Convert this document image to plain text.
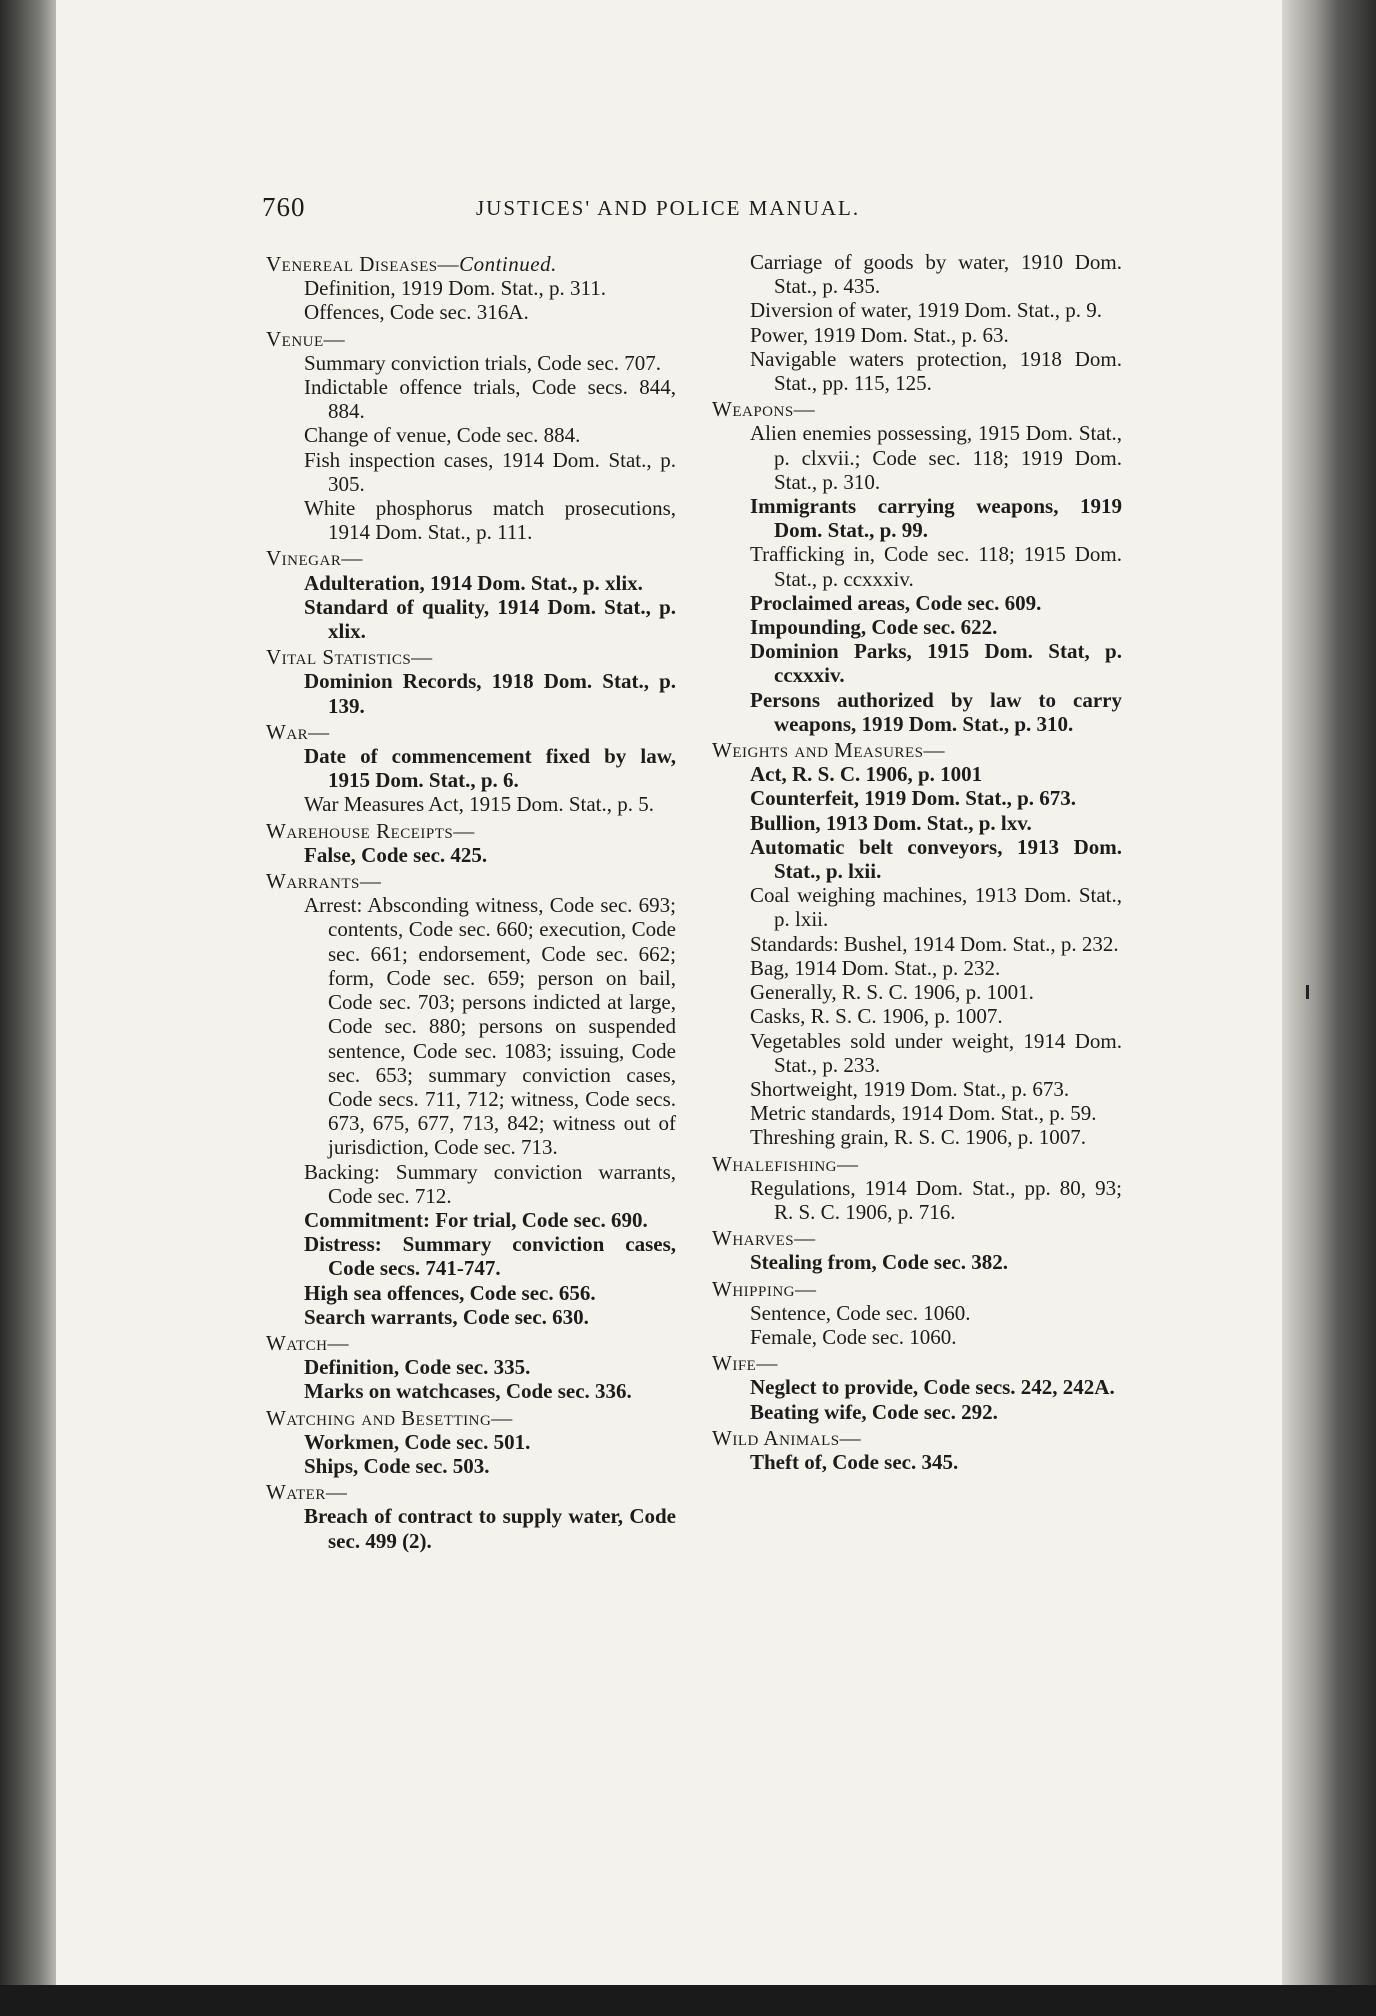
760	JUSTICES' AND POLICE MANUAL.
Venereal Diseases—Continued.
Definition, 1919 Dom. Stat., p. 311.
Offences, Code sec. 316A.
Venue—
Summary conviction trials, Code sec. 707.
Indictable offence trials, Code secs. 844, 884.
Change of venue, Code sec. 884.
Fish inspection cases, 1914 Dom. Stat., p. 305.
White phosphorus match prosecutions, 1914 Dom. Stat., p. 111.
Vinegar—
Adulteration, 1914 Dom. Stat., p. xlix.
Standard of quality, 1914 Dom. Stat., p. xlix.
Vital Statistics—
Dominion Records, 1918 Dom. Stat., p. 139.
War—
Date of commencement fixed by law, 1915 Dom. Stat., p. 6.
War Measures Act, 1915 Dom. Stat., p. 5.
Warehouse Receipts—
False, Code sec. 425.
Warrants—
Arrest: Absconding witness, Code sec. 693; contents, Code sec. 660; execution, Code sec. 661; endorsement, Code sec. 662; form, Code sec. 659; person on bail, Code sec. 703; persons indicted at large, Code sec. 880; persons on suspended sentence, Code sec. 1083; issuing, Code sec. 653; summary conviction cases, Code secs. 711, 712; witness, Code secs. 673, 675, 677, 713, 842; witness out of jurisdiction, Code sec. 713.
Backing: Summary conviction warrants, Code sec. 712.
Commitment: For trial, Code sec. 690.
Distress: Summary conviction cases, Code secs. 741-747.
High sea offences, Code sec. 656.
Search warrants, Code sec. 630.
Watch—
Definition, Code sec. 335.
Marks on watchcases, Code sec. 336.
Watching and Besetting—
Workmen, Code sec. 501.
Ships, Code sec. 503.
Water—
Breach of contract to supply water, Code sec. 499 (2).
Carriage of goods by water, 1910 Dom. Stat., p. 435.
Diversion of water, 1919 Dom. Stat., p. 9.
Power, 1919 Dom. Stat., p. 63.
Navigable waters protection, 1918 Dom. Stat., pp. 115, 125.
Weapons—
Alien enemies possessing, 1915 Dom. Stat., p. clxvii.; Code sec. 118; 1919 Dom. Stat., p. 310.
Immigrants carrying weapons, 1919 Dom. Stat., p. 99.
Trafficking in, Code sec. 118; 1915 Dom. Stat., p. ccxxxiv.
Proclaimed areas, Code sec. 609.
Impounding, Code sec. 622.
Dominion Parks, 1915 Dom. Stat, p. ccxxxiv.
Persons authorized by law to carry weapons, 1919 Dom. Stat., p. 310.
Weights and Measures—
Act, R. S. C. 1906, p. 1001
Counterfeit, 1919 Dom. Stat., p. 673.
Bullion, 1913 Dom. Stat., p. lxv.
Automatic belt conveyors, 1913 Dom. Stat., p. lxii.
Coal weighing machines, 1913 Dom. Stat., p. lxii.
Standards: Bushel, 1914 Dom. Stat., p. 232.
Bag, 1914 Dom. Stat., p. 232.
Generally, R. S. C. 1906, p. 1001.
Casks, R. S. C. 1906, p. 1007.
Vegetables sold under weight, 1914 Dom. Stat., p. 233.
Shortweight, 1919 Dom. Stat., p. 673.
Metric standards, 1914 Dom. Stat., p. 59.
Threshing grain, R. S. C. 1906, p. 1007.
Whalefishing—
Regulations, 1914 Dom. Stat., pp. 80, 93; R. S. C. 1906, p. 716.
Wharves—
Stealing from, Code sec. 382.
Whipping—
Sentence, Code sec. 1060.
Female, Code sec. 1060.
Wife—
Neglect to provide, Code secs. 242, 242A.
Beating wife, Code sec. 292.
Wild Animals—
Theft of, Code sec. 345.
